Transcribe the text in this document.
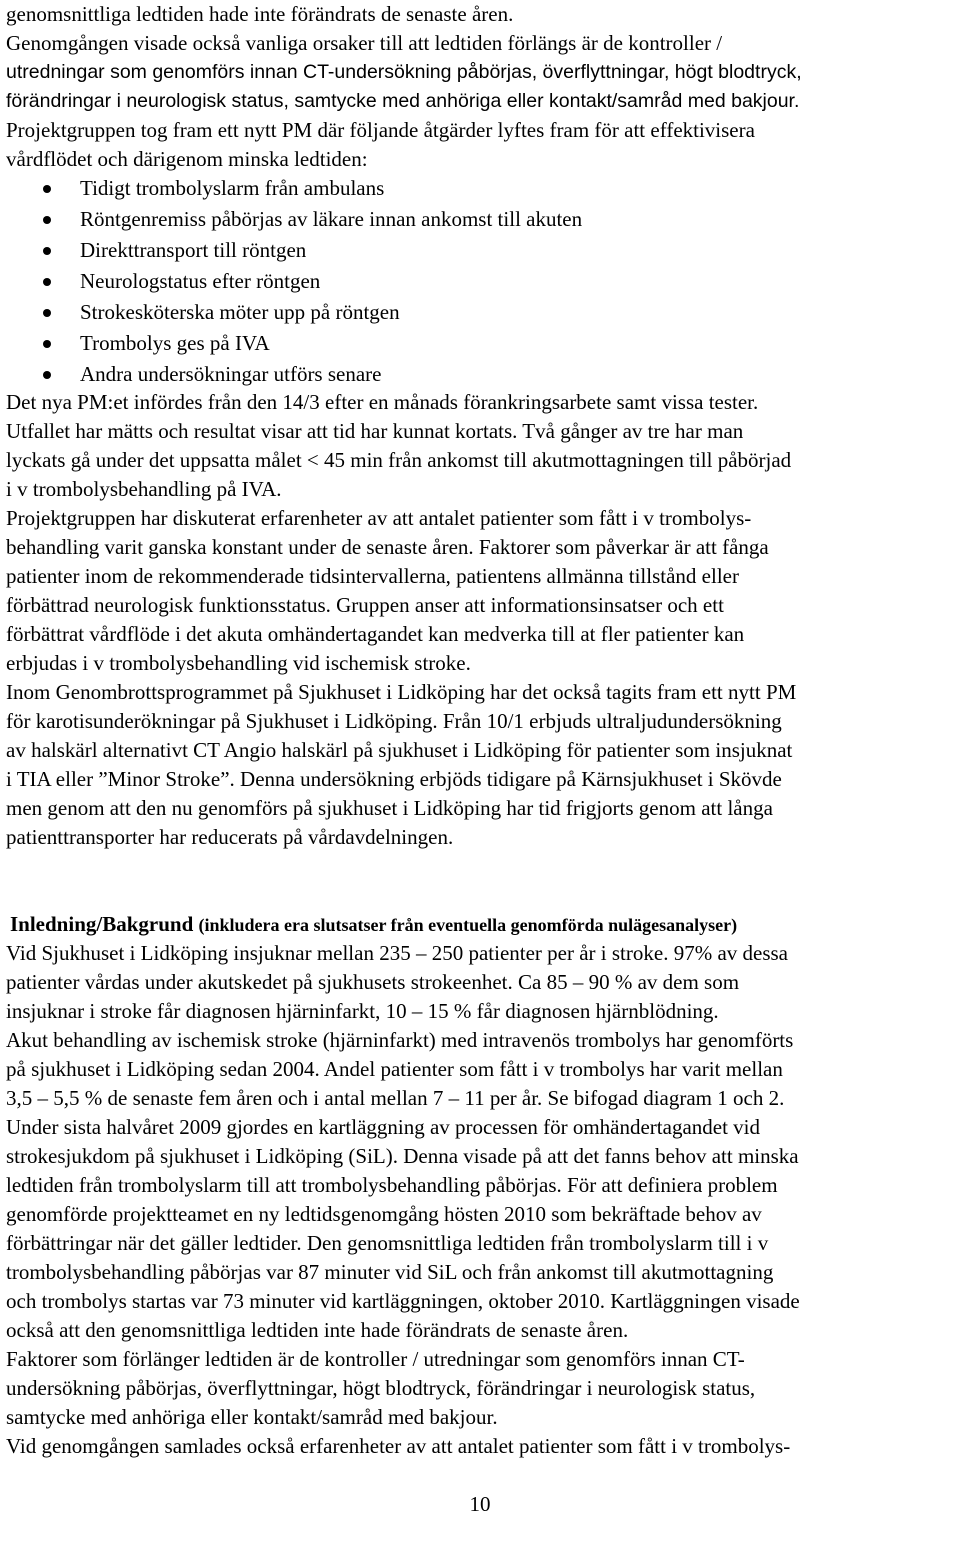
genomsnittliga ledtiden hade inte förändrats de senaste åren.
Genomgången visade också vanliga orsaker till att ledtiden förlängs är de kontroller /
utredningar som genomförs innan CT-undersökning påbörjas, överflyttningar, högt blodtryck,
förändringar i neurologisk status, samtycke med anhöriga eller kontakt/samråd med bakjour.
Projektgruppen tog fram ett nytt PM där följande åtgärder lyftes fram för att effektivisera
vårdflödet och därigenom minska ledtiden:
Tidigt trombolyslarm från ambulans
Röntgenremiss påbörjas av läkare innan ankomst till akuten
Direkttransport till röntgen
Neurologstatus efter röntgen
Strokesköterska möter upp på röntgen
Trombolys ges på IVA
Andra undersökningar utförs senare
Det nya PM:et infördes från den 14/3 efter en månads förankringsarbete samt vissa tester.
Utfallet har mätts och resultat visar att tid har kunnat kortats. Två gånger av tre har man
lyckats gå under det uppsatta målet < 45 min från ankomst till akutmottagningen till påbörjad
i v trombolysbehandling på IVA.
Projektgruppen har diskuterat erfarenheter av att antalet patienter som fått i v trombolys-
behandling varit ganska konstant under de senaste åren. Faktorer som påverkar är att fånga
patienter inom de rekommenderade tidsintervallerna, patientens allmänna tillstånd eller
förbättrad neurologisk funktionsstatus. Gruppen anser att informationsinsatser och ett
förbättrat vårdflöde i det akuta omhändertagandet kan medverka till at fler patienter kan
erbjudas i v trombolysbehandling vid ischemisk stroke.
Inom Genombrottsprogrammet på Sjukhuset i Lidköping har det också tagits fram ett nytt PM
för karotisunderökningar på Sjukhuset i Lidköping. Från 10/1 erbjuds ultraljudundersökning
av halskärl alternativt CT Angio halskärl på sjukhuset i Lidköping för patienter som insjuknat
i TIA eller ”Minor Stroke”. Denna undersökning erbjöds tidigare på Kärnsjukhuset i Skövde
men genom att den nu genomförs på sjukhuset i Lidköping har tid frigjorts genom att långa
patienttransporter har reducerats på vårdavdelningen.
Inledning/Bakgrund (inkludera era slutsatser från eventuella genomförda nulägesanalyser)
Vid Sjukhuset i Lidköping insjuknar mellan 235 – 250 patienter per år i stroke. 97% av dessa
patienter vårdas under akutskedet på sjukhusets strokeenhet. Ca 85 – 90 % av dem som
insjuknar i stroke får diagnosen hjärninfarkt, 10 – 15 % får diagnosen hjärnblödning.
Akut behandling av ischemisk stroke (hjärninfarkt) med intravenös trombolys har genomförts
på sjukhuset i Lidköping sedan 2004. Andel patienter som fått i v trombolys har varit mellan
3,5 – 5,5 % de senaste fem åren och i antal mellan 7 – 11 per år. Se bifogad diagram 1 och 2.
Under sista halvåret 2009 gjordes en kartläggning av processen för omhändertagandet vid
strokesjukdom på sjukhuset i Lidköping (SiL). Denna visade på att det fanns behov att minska
ledtiden från trombolyslarm till att trombolysbehandling påbörjas. För att definiera problem
genomförde projektteamet en ny ledtidsgenomgång hösten 2010 som bekräftade behov av
förbättringar när det gäller ledtider. Den genomsnittliga ledtiden från trombolyslarm till i v
trombolysbehandling påbörjas var 87 minuter vid SiL och från ankomst till akutmottagning
och trombolys startas var 73 minuter vid kartläggningen, oktober 2010. Kartläggningen visade
också att den genomsnittliga ledtiden inte hade förändrats de senaste åren.
Faktorer som förlänger ledtiden är de kontroller / utredningar som genomförs innan CT-
undersökning påbörjas, överflyttningar, högt blodtryck, förändringar i neurologisk status,
samtycke med anhöriga eller kontakt/samråd med bakjour.
Vid genomgången samlades också erfarenheter av att antalet patienter som fått i v trombolys-
10
